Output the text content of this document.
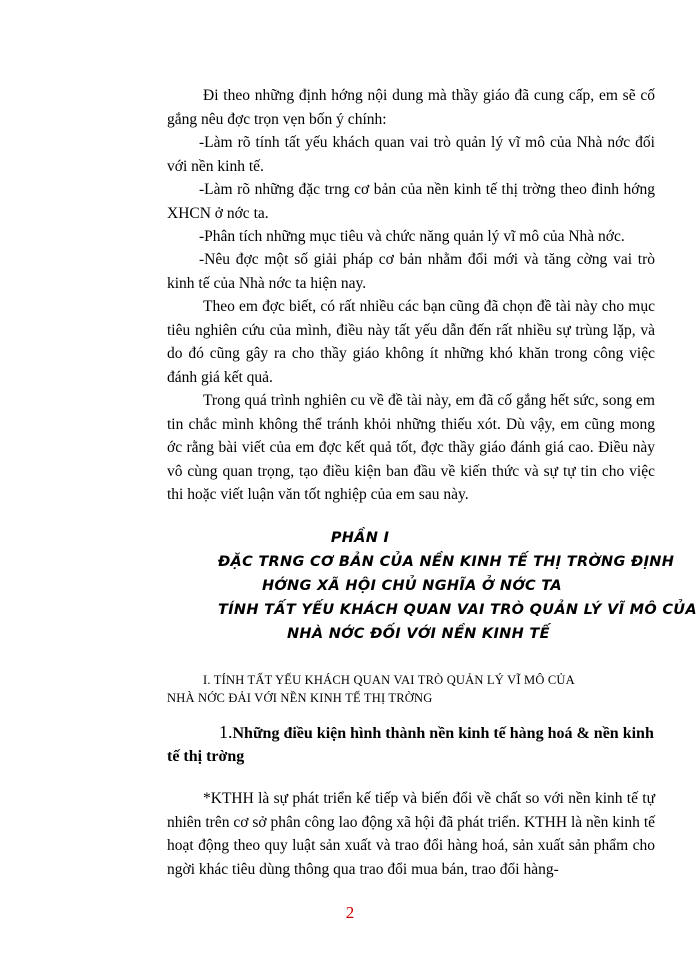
Đi theo những định hớng nội dung mà thầy giáo đã cung cấp, em sẽ cố gắng nêu đợc trọn vẹn bốn ý chính:

-Làm rõ tính tất yếu khách quan vai trò quản lý vĩ mô của Nhà nớc đối với nền kinh tế.

-Làm rõ những đặc trng cơ bản của nền kinh tế thị trờng theo đinh hớng XHCN ở nớc ta.

-Phân tích những mục tiêu và chức năng quản lý vĩ mô của Nhà nớc.

-Nêu đợc một số giải pháp cơ bản nhằm đổi mới và tăng cờng vai trò kinh tế của Nhà nớc ta hiện nay.

Theo em đợc biết, có rất nhiều các bạn cũng đã chọn đề tài này cho mục tiêu nghiên cứu của mình, điều này tất yếu dẫn đến rất nhiều sự trùng lặp, và do đó cũng gây ra cho thầy giáo không ít những khó khăn trong công việc đánh giá kết quả.

Trong quá trình nghiên cu về đề tài này, em đã cố gắng hết sức, song em tin chắc mình không thể tránh khỏi những thiếu xót. Dù vậy, em cũng mong ớc rằng bài viết của em đợc kết quả tốt, đợc thầy giáo đánh giá cao. Điều này vô cùng quan trọng, tạo điều kiện ban đầu về kiến thức và sự tự tin cho việc thi hoặc viết luận văn tốt nghiệp của em sau này.

PHẦN I
ĐẶC TRNG CƠ BẢN CỦA NỀN KINH TẾ THỊ TRỜNG ĐỊNH
HỚNG XÃ HỘI CHỦ NGHĨA Ở NỚC TA
TÍNH TẤT YẾU KHÁCH QUAN VAI TRÒ QUẢN LÝ VĨ MÔ CỦA
NHÀ NỚC ĐỐI VỚI NỀN KINH TẾ
I. TÍNH TẤT YẾU KHÁCH QUAN VAI TRÒ QUẢN LÝ VĨ MÔ CỦA
NHÀ NỚC ĐẢI VỚI NỀN KINH TẾ THỊ TRỜNG
1.Những điều kiện hình thành nền kinh tế hàng hoá & nền kinh tế thị trờng

*KTHH là sự phát triển kế tiếp và biến đổi về chất so với nền kinh tế tự nhiên trên cơ sở phân công lao động xã hội đã phát triển. KTHH là nền kinh tế hoạt động theo quy luật sản xuất và trao đổi hàng hoá, sản xuất sản phẩm cho ngời khác tiêu dùng thông qua trao đổi mua bán, trao đổi hàng-

2
